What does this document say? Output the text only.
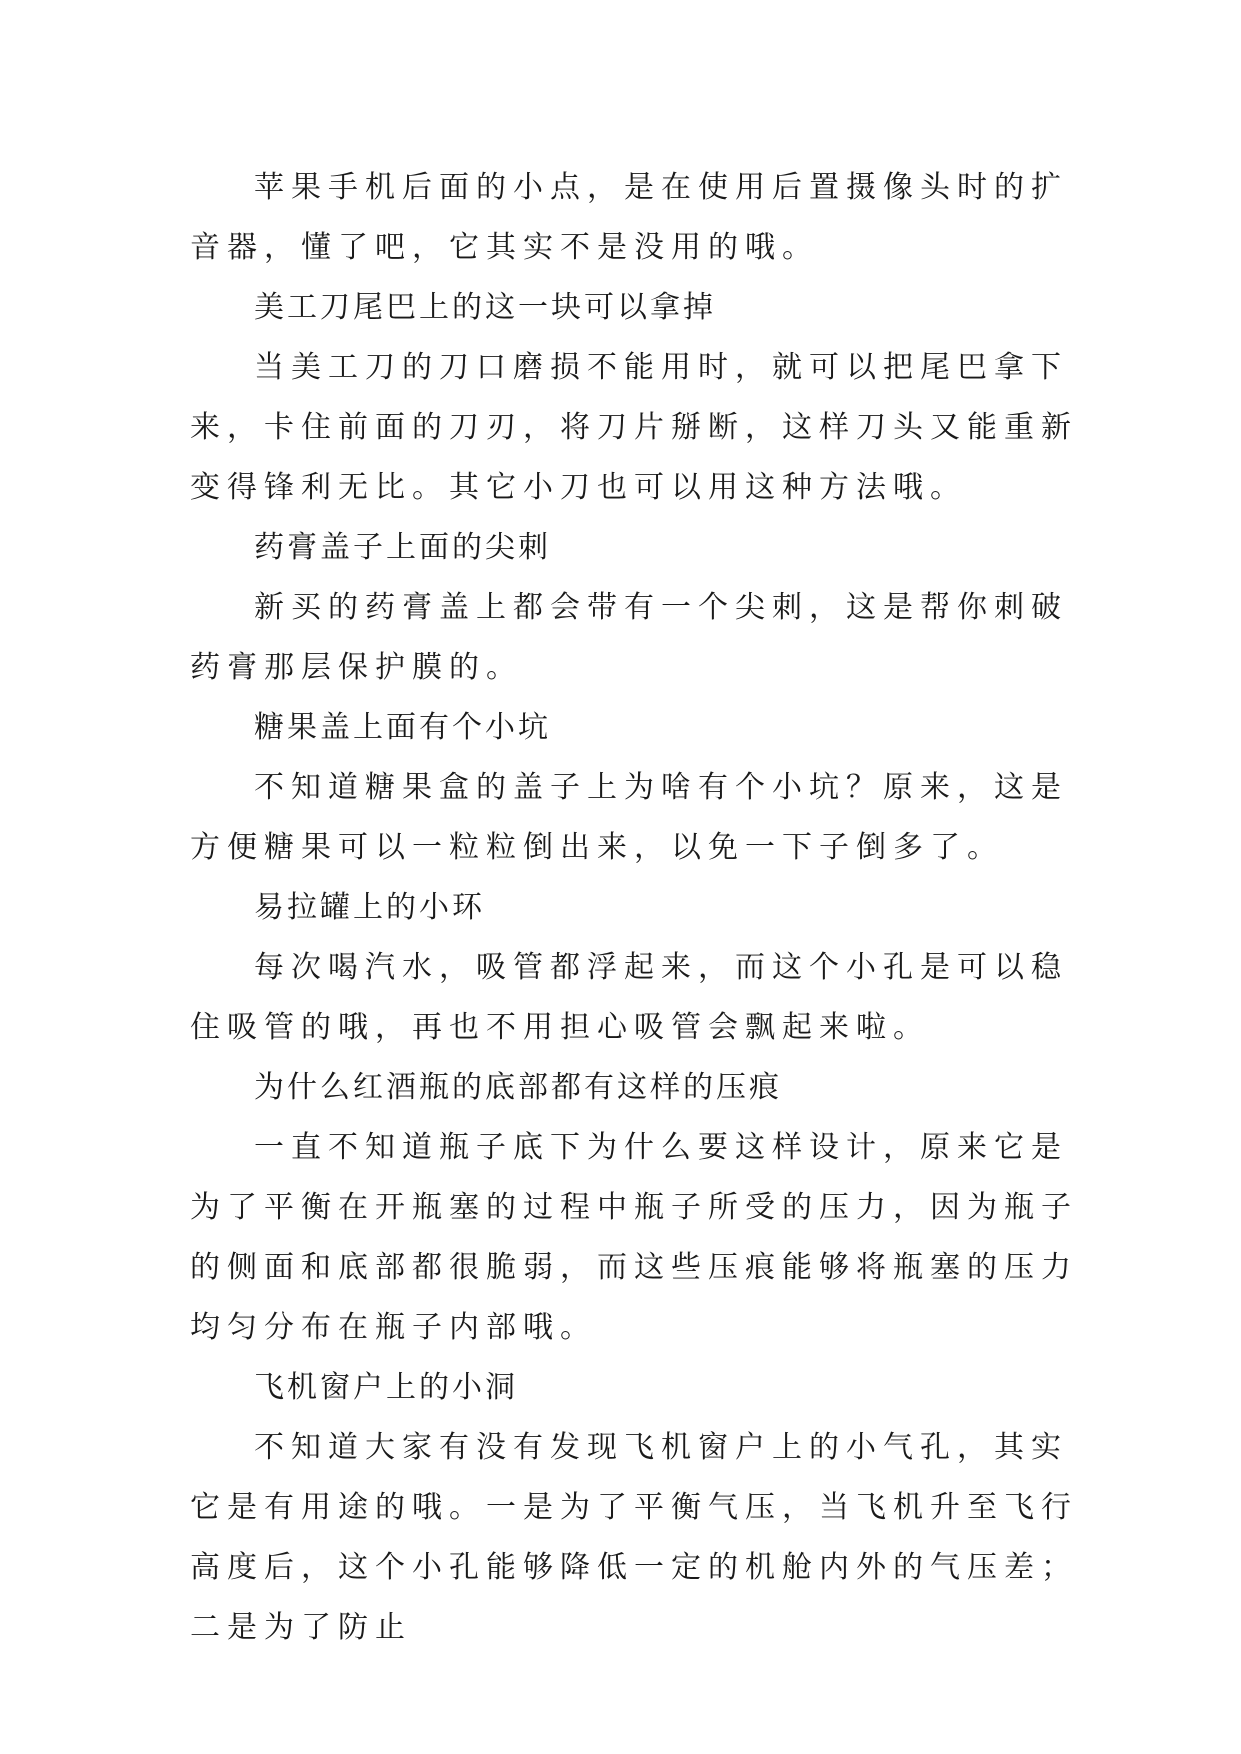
苹果手机后面的小点，是在使用后置摄像头时的扩音器，懂了吧，它其实不是没用的哦。

美工刀尾巴上的这一块可以拿掉

当美工刀的刀口磨损不能用时，就可以把尾巴拿下来，卡住前面的刀刃，将刀片掰断，这样刀头又能重新变得锋利无比。其它小刀也可以用这种方法哦。

药膏盖子上面的尖刺

新买的药膏盖上都会带有一个尖刺，这是帮你刺破药膏那层保护膜的。

糖果盖上面有个小坑

不知道糖果盒的盖子上为啥有个小坑？原来，这是方便糖果可以一粒粒倒出来，以免一下子倒多了。

易拉罐上的小环

每次喝汽水，吸管都浮起来，而这个小孔是可以稳住吸管的哦，再也不用担心吸管会飘起来啦。

为什么红酒瓶的底部都有这样的压痕

一直不知道瓶子底下为什么要这样设计，原来它是为了平衡在开瓶塞的过程中瓶子所受的压力，因为瓶子的侧面和底部都很脆弱，而这些压痕能够将瓶塞的压力均匀分布在瓶子内部哦。

飞机窗户上的小洞

不知道大家有没有发现飞机窗户上的小气孔，其实它是有用途的哦。一是为了平衡气压，当飞机升至飞行高度后，这个小孔能够降低一定的机舱内外的气压差；二是为了防止
